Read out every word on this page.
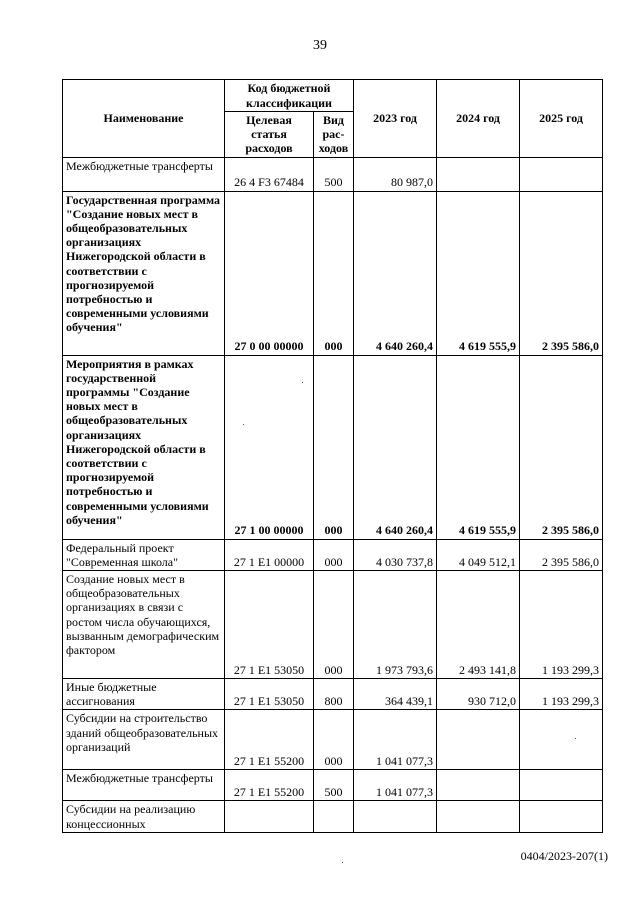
39
Наименование	Код бюджетной классификации		2023 год	2024 год	2025 год
	Целевая статья расходов	Вид рас-ходов			
Межбюджетные трансферты	26 4 F3 67484	500	80 987,0		
Государственная программа "Создание новых мест в общеобразовательных организациях Нижегородской области в соответствии с прогнозируемой потребностью и современными условиями обучения"	27 0 00 00000	000	4 640 260,4	4 619 555,9	2 395 586,0
Мероприятия в рамках государственной программы "Создание новых мест в общеобразовательных организациях Нижегородской области в соответствии с прогнозируемой потребностью и современными условиями обучения"	27 1 00 00000	000	4 640 260,4	4 619 555,9	2 395 586,0
Федеральный проект "Современная школа"	27 1 E1 00000	000	4 030 737,8	4 049 512,1	2 395 586,0
Создание новых мест в общеобразовательных организациях в связи с ростом числа обучающихся, вызванным демографическим фактором	27 1 E1 53050	000	1 973 793,6	2 493 141,8	1 193 299,3
Иные бюджетные ассигнования	27 1 E1 53050	800	364 439,1	930 712,0	1 193 299,3
Субсидии на строительство зданий общеобразовательных организаций	27 1 E1 55200	000	1 041 077,3		
Межбюджетные трансферты	27 1 E1 55200	500	1 041 077,3		
Субсидии на реализацию концессионных					
0404/2023-207(1)
